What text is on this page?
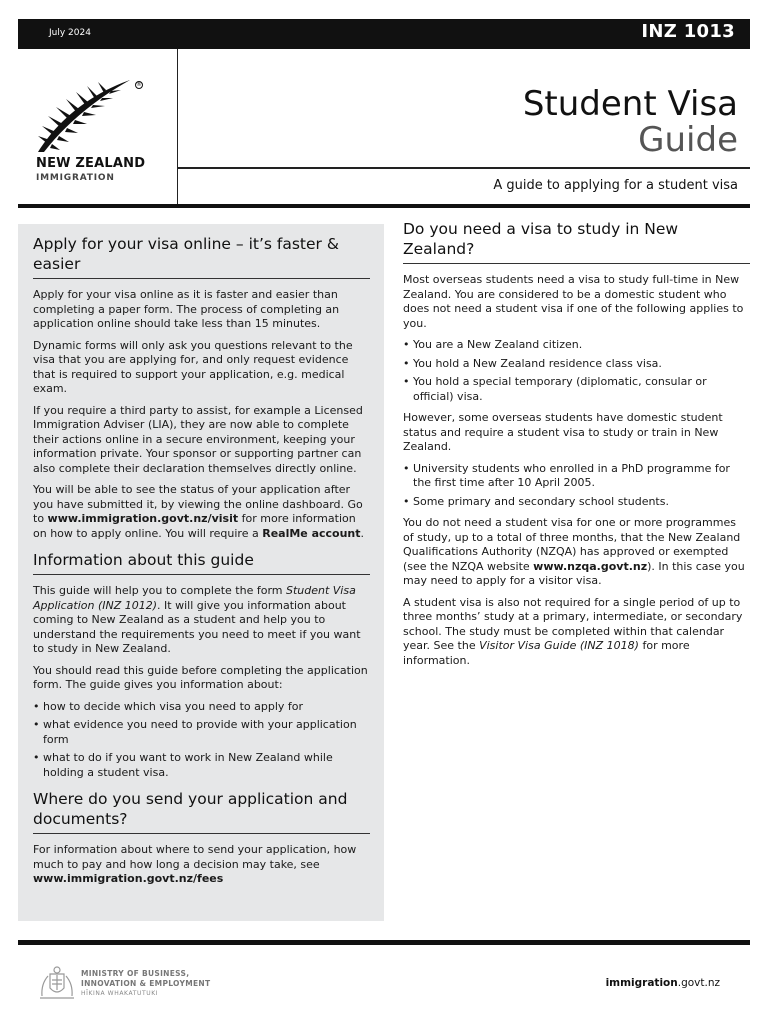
July 2024	INZ 1013
®
NEW ZEALAND
IMMIGRATION
Student Visa
Guide
A guide to applying for a student visa
Apply for your visa online – it’s faster & easier

Apply for your visa online as it is faster and easier than completing a paper form. The process of completing an application online should take less than 15 minutes.

Dynamic forms will only ask you questions relevant to the visa that you are applying for, and only request evidence that is required to support your application, e.g. medical exam.

If you require a third party to assist, for example a Licensed Immigration Adviser (LIA), they are now able to complete their actions online in a secure environment, keeping your information private. Your sponsor or supporting partner can also complete their declaration themselves directly online.

You will be able to see the status of your application after you have submitted it, by viewing the online dashboard. Go to www.immigration.govt.nz/visit for more information on how to apply online. You will require a RealMe account.

Information about this guide

This guide will help you to complete the form Student Visa Application (INZ 1012). It will give you information about coming to New Zealand as a student and help you to understand the requirements you need to meet if you want to study in New Zealand.

You should read this guide before completing the application form. The guide gives you information about:

• how to decide which visa you need to apply for
• what evidence you need to provide with your application form
• what to do if you want to work in New Zealand while holding a student visa.
Where do you send your application and documents?

For information about where to send your application, how much to pay and how long a decision may take, see www.immigration.govt.nz/fees

Do you need a visa to study in New Zealand?

Most overseas students need a visa to study full-time in New Zealand. You are considered to be a domestic student who does not need a student visa if one of the following applies to you.

• You are a New Zealand citizen.
• You hold a New Zealand residence class visa.
• You hold a special temporary (diplomatic, consular or official) visa.

However, some overseas students have domestic student status and require a student visa to study or train in New Zealand.

• University students who enrolled in a PhD programme for the first time after 10 April 2005.
• Some primary and secondary school students.

You do not need a student visa for one or more programmes of study, up to a total of three months, that the New Zealand Qualifications Authority (NZQA) has approved or exempted (see the NZQA website www.nzqa.govt.nz). In this case you may need to apply for a visitor visa.

A student visa is also not required for a single period of up to three months’ study at a primary, intermediate, or secondary school. The study must be completed within that calendar year. See the Visitor Visa Guide (INZ 1018) for more information.

MINISTRY OF BUSINESS,
INNOVATION & EMPLOYMENT
HĪKINA WHAKATUTUKI
immigration.govt.nz
